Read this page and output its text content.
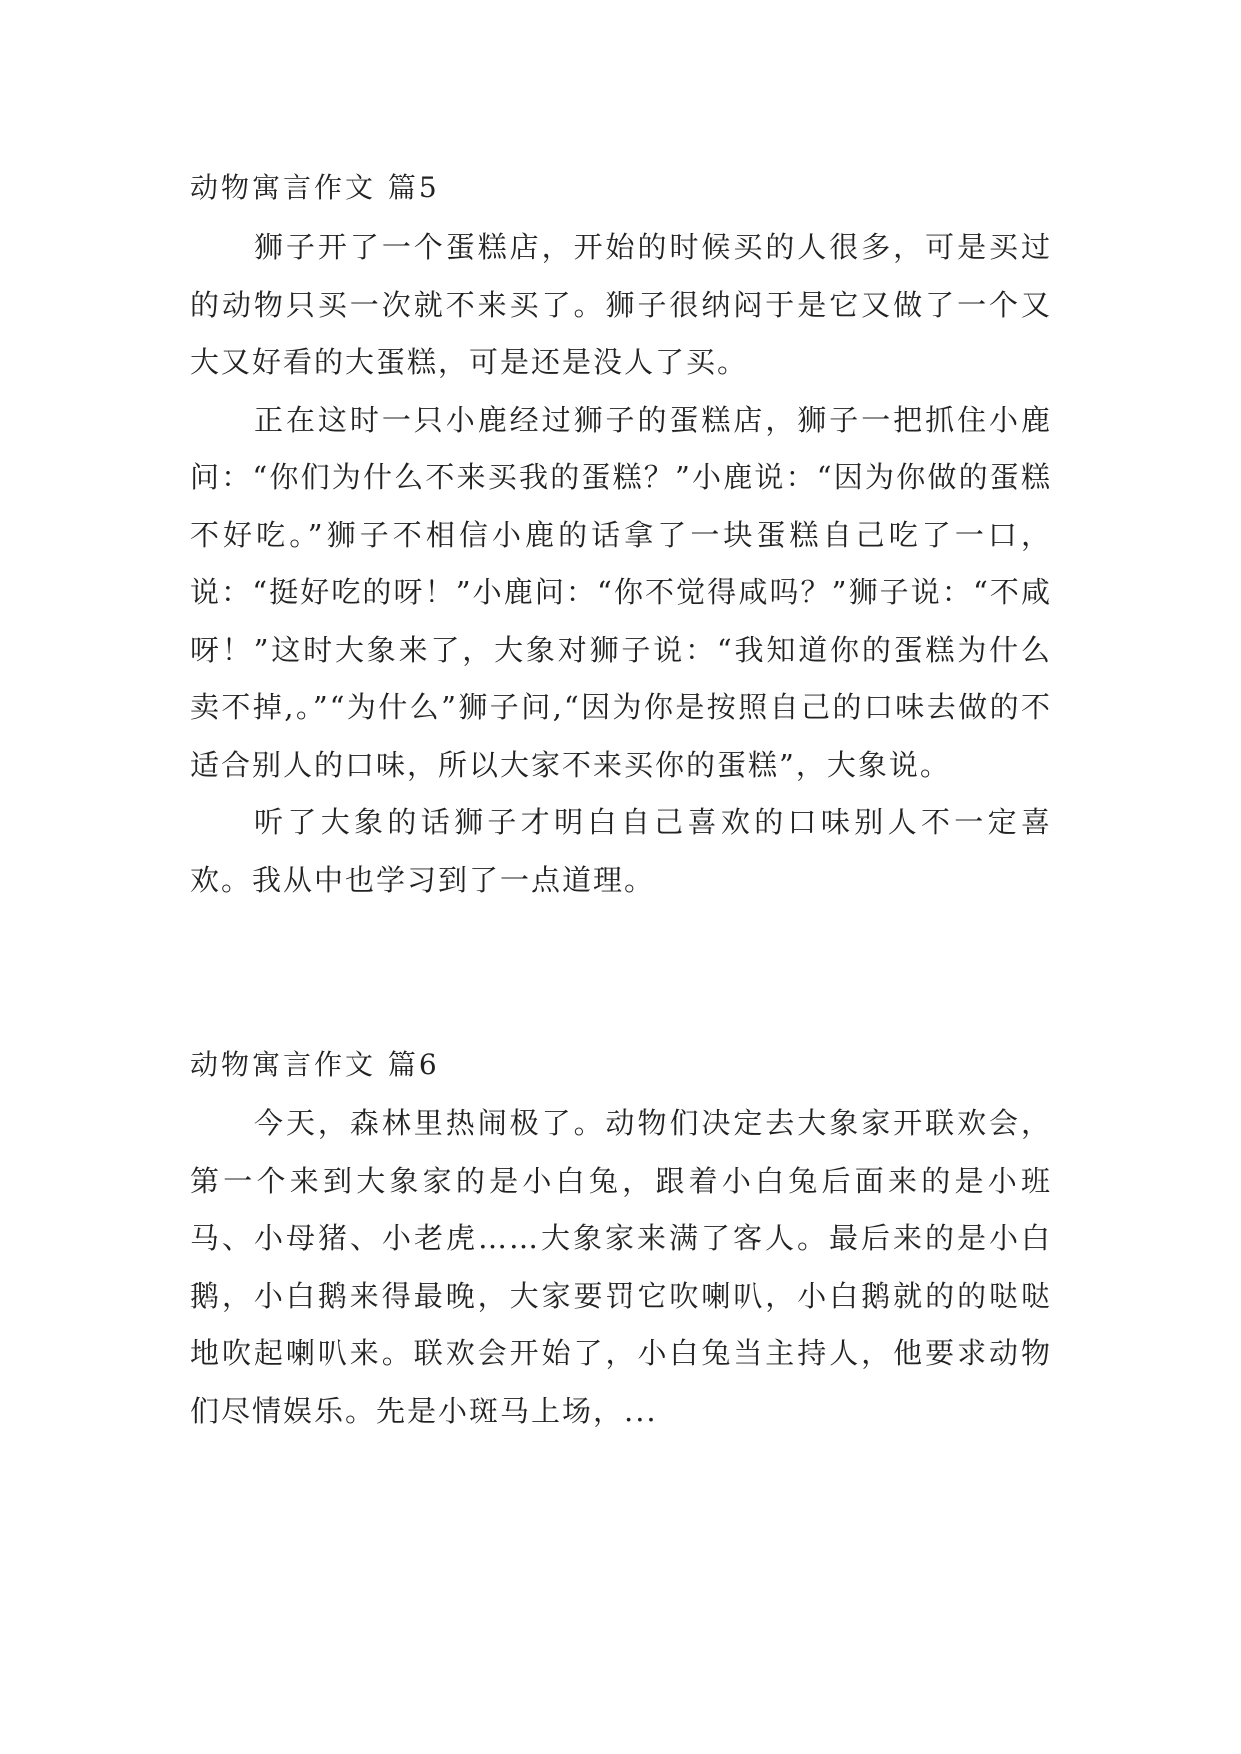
动物寓言作文 篇5

狮子开了一个蛋糕店，开始的时候买的人很多，可是买过的动物只买一次就不来买了。狮子很纳闷于是它又做了一个又大又好看的大蛋糕，可是还是没人了买。

正在这时一只小鹿经过狮子的蛋糕店，狮子一把抓住小鹿问：“你们为什么不来买我的蛋糕？”小鹿说：“因为你做的蛋糕不好吃。”狮子不相信小鹿的话拿了一块蛋糕自己吃了一口，说：“挺好吃的呀！”小鹿问：“你不觉得咸吗？”狮子说：“不咸呀！”这时大象来了，大象对狮子说：“我知道你的蛋糕为什么卖不掉,。”“为什么”狮子问,“因为你是按照自己的口味去做的不适合别人的口味，所以大家不来买你的蛋糕”，大象说。

听了大象的话狮子才明白自己喜欢的口味别人不一定喜欢。我从中也学习到了一点道理。

动物寓言作文 篇6

今天，森林里热闹极了。动物们决定去大象家开联欢会，第一个来到大象家的是小白兔，跟着小白兔后面来的是小班马、小母猪、小老虎……大象家来满了客人。最后来的是小白鹅，小白鹅来得最晚，大家要罚它吹喇叭，小白鹅就的的哒哒地吹起喇叭来。联欢会开始了，小白兔当主持人，他要求动物们尽情娱乐。先是小斑马上场，...
